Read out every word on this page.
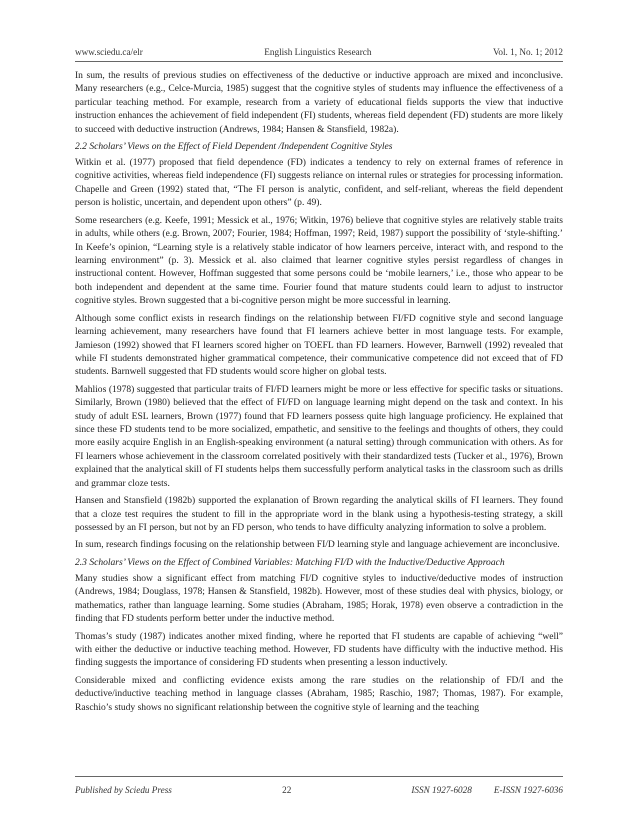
www.sciedu.ca/elr	English Linguistics Research	Vol. 1, No. 1; 2012

In sum, the results of previous studies on effectiveness of the deductive or inductive approach are mixed and inconclusive. Many researchers (e.g., Celce-Murcia, 1985) suggest that the cognitive styles of students may influence the effectiveness of a particular teaching method. For example, research from a variety of educational fields supports the view that inductive instruction enhances the achievement of field independent (FI) students, whereas field dependent (FD) students are more likely to succeed with deductive instruction (Andrews, 1984; Hansen & Stansfield, 1982a).

2.2 Scholars’ Views on the Effect of Field Dependent /Independent Cognitive Styles

Witkin et al. (1977) proposed that field dependence (FD) indicates a tendency to rely on external frames of reference in cognitive activities, whereas field independence (FI) suggests reliance on internal rules or strategies for processing information. Chapelle and Green (1992) stated that, “The FI person is analytic, confident, and self-reliant, whereas the field dependent person is holistic, uncertain, and dependent upon others” (p. 49).

Some researchers (e.g. Keefe, 1991; Messick et al., 1976; Witkin, 1976) believe that cognitive styles are relatively stable traits in adults, while others (e.g. Brown, 2007; Fourier, 1984; Hoffman, 1997; Reid, 1987) support the possibility of ‘style-shifting.’ In Keefe’s opinion, “Learning style is a relatively stable indicator of how learners perceive, interact with, and respond to the learning environment” (p. 3). Messick et al. also claimed that learner cognitive styles persist regardless of changes in instructional content. However, Hoffman suggested that some persons could be ‘mobile learners,’ i.e., those who appear to be both independent and dependent at the same time. Fourier found that mature students could learn to adjust to instructor cognitive styles. Brown suggested that a bi-cognitive person might be more successful in learning.

Although some conflict exists in research findings on the relationship between FI/FD cognitive style and second language learning achievement, many researchers have found that FI learners achieve better in most language tests. For example, Jamieson (1992) showed that FI learners scored higher on TOEFL than FD learners. However, Barnwell (1992) revealed that while FI students demonstrated higher grammatical competence, their communicative competence did not exceed that of FD students. Barnwell suggested that FD students would score higher on global tests.

Mahlios (1978) suggested that particular traits of FI/FD learners might be more or less effective for specific tasks or situations. Similarly, Brown (1980) believed that the effect of FI/FD on language learning might depend on the task and context. In his study of adult ESL learners, Brown (1977) found that FD learners possess quite high language proficiency. He explained that since these FD students tend to be more socialized, empathetic, and sensitive to the feelings and thoughts of others, they could more easily acquire English in an English-speaking environment (a natural setting) through communication with others. As for FI learners whose achievement in the classroom correlated positively with their standardized tests (Tucker et al., 1976), Brown explained that the analytical skill of FI students helps them successfully perform analytical tasks in the classroom such as drills and grammar cloze tests.

Hansen and Stansfield (1982b) supported the explanation of Brown regarding the analytical skills of FI learners. They found that a cloze test requires the student to fill in the appropriate word in the blank using a hypothesis-testing strategy, a skill possessed by an FI person, but not by an FD person, who tends to have difficulty analyzing information to solve a problem.

In sum, research findings focusing on the relationship between FI/D learning style and language achievement are inconclusive.

2.3 Scholars’ Views on the Effect of Combined Variables: Matching FI/D with the Inductive/Deductive Approach

Many studies show a significant effect from matching FI/D cognitive styles to inductive/deductive modes of instruction (Andrews, 1984; Douglass, 1978; Hansen & Stansfield, 1982b). However, most of these studies deal with physics, biology, or mathematics, rather than language learning. Some studies (Abraham, 1985; Horak, 1978) even observe a contradiction in the finding that FD students perform better under the inductive method.

Thomas’s study (1987) indicates another mixed finding, where he reported that FI students are capable of achieving “well” with either the deductive or inductive teaching method. However, FD students have difficulty with the inductive method. His finding suggests the importance of considering FD students when presenting a lesson inductively.

Considerable mixed and conflicting evidence exists among the rare studies on the relationship of FD/I and the deductive/inductive teaching method in language classes (Abraham, 1985; Raschio, 1987; Thomas, 1987). For example, Raschio’s study shows no significant relationship between the cognitive style of learning and the teaching

Published by Sciedu Press	22	ISSN 1927-6028 E-ISSN 1927-6036
